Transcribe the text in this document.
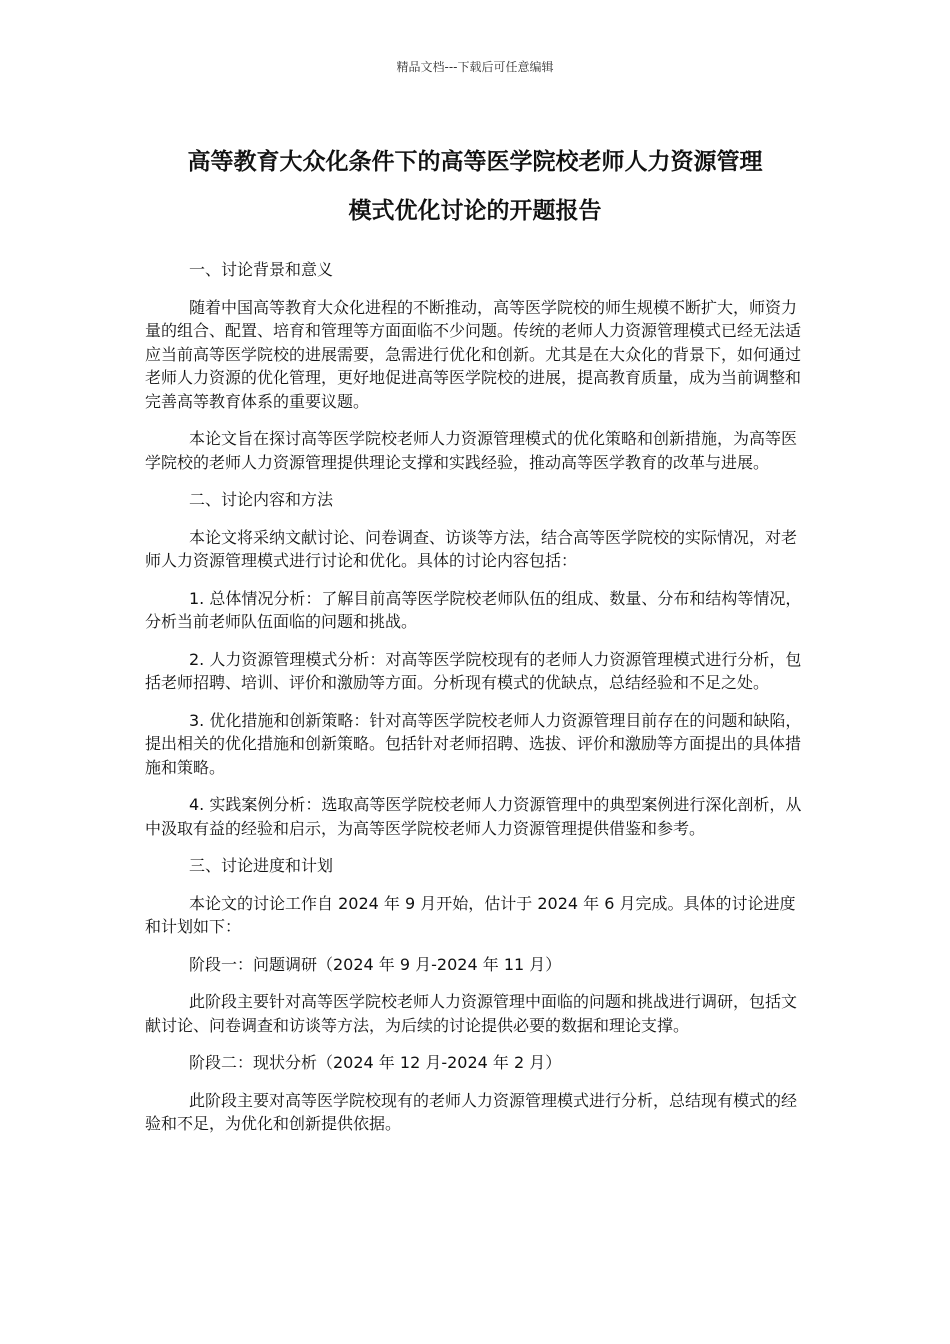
精品文档---下载后可任意编辑
高等教育大众化条件下的高等医学院校老师人力资源管理
模式优化讨论的开题报告

一、讨论背景和意义

随着中国高等教育大众化进程的不断推动，高等医学院校的师生规模不断扩大，师资力量的组合、配置、培育和管理等方面面临不少问题。传统的老师人力资源管理模式已经无法适应当前高等医学院校的进展需要，急需进行优化和创新。尤其是在大众化的背景下，如何通过老师人力资源的优化管理，更好地促进高等医学院校的进展，提高教育质量，成为当前调整和完善高等教育体系的重要议题。

本论文旨在探讨高等医学院校老师人力资源管理模式的优化策略和创新措施，为高等医学院校的老师人力资源管理提供理论支撑和实践经验，推动高等医学教育的改革与进展。

二、讨论内容和方法

本论文将采纳文献讨论、问卷调查、访谈等方法，结合高等医学院校的实际情况，对老师人力资源管理模式进行讨论和优化。具体的讨论内容包括：

1. 总体情况分析：了解目前高等医学院校老师队伍的组成、数量、分布和结构等情况，分析当前老师队伍面临的问题和挑战。

2. 人力资源管理模式分析：对高等医学院校现有的老师人力资源管理模式进行分析，包括老师招聘、培训、评价和激励等方面。分析现有模式的优缺点，总结经验和不足之处。

3. 优化措施和创新策略：针对高等医学院校老师人力资源管理目前存在的问题和缺陷，提出相关的优化措施和创新策略。包括针对老师招聘、选拔、评价和激励等方面提出的具体措施和策略。

4. 实践案例分析：选取高等医学院校老师人力资源管理中的典型案例进行深化剖析，从中汲取有益的经验和启示，为高等医学院校老师人力资源管理提供借鉴和参考。

三、讨论进度和计划

本论文的讨论工作自 2024 年 9 月开始，估计于 2024 年 6 月完成。具体的讨论进度和计划如下：

阶段一：问题调研（2024 年 9 月-2024 年 11 月）

此阶段主要针对高等医学院校老师人力资源管理中面临的问题和挑战进行调研，包括文献讨论、问卷调查和访谈等方法，为后续的讨论提供必要的数据和理论支撑。

阶段二：现状分析（2024 年 12 月-2024 年 2 月）

此阶段主要对高等医学院校现有的老师人力资源管理模式进行分析，总结现有模式的经验和不足，为优化和创新提供依据。
